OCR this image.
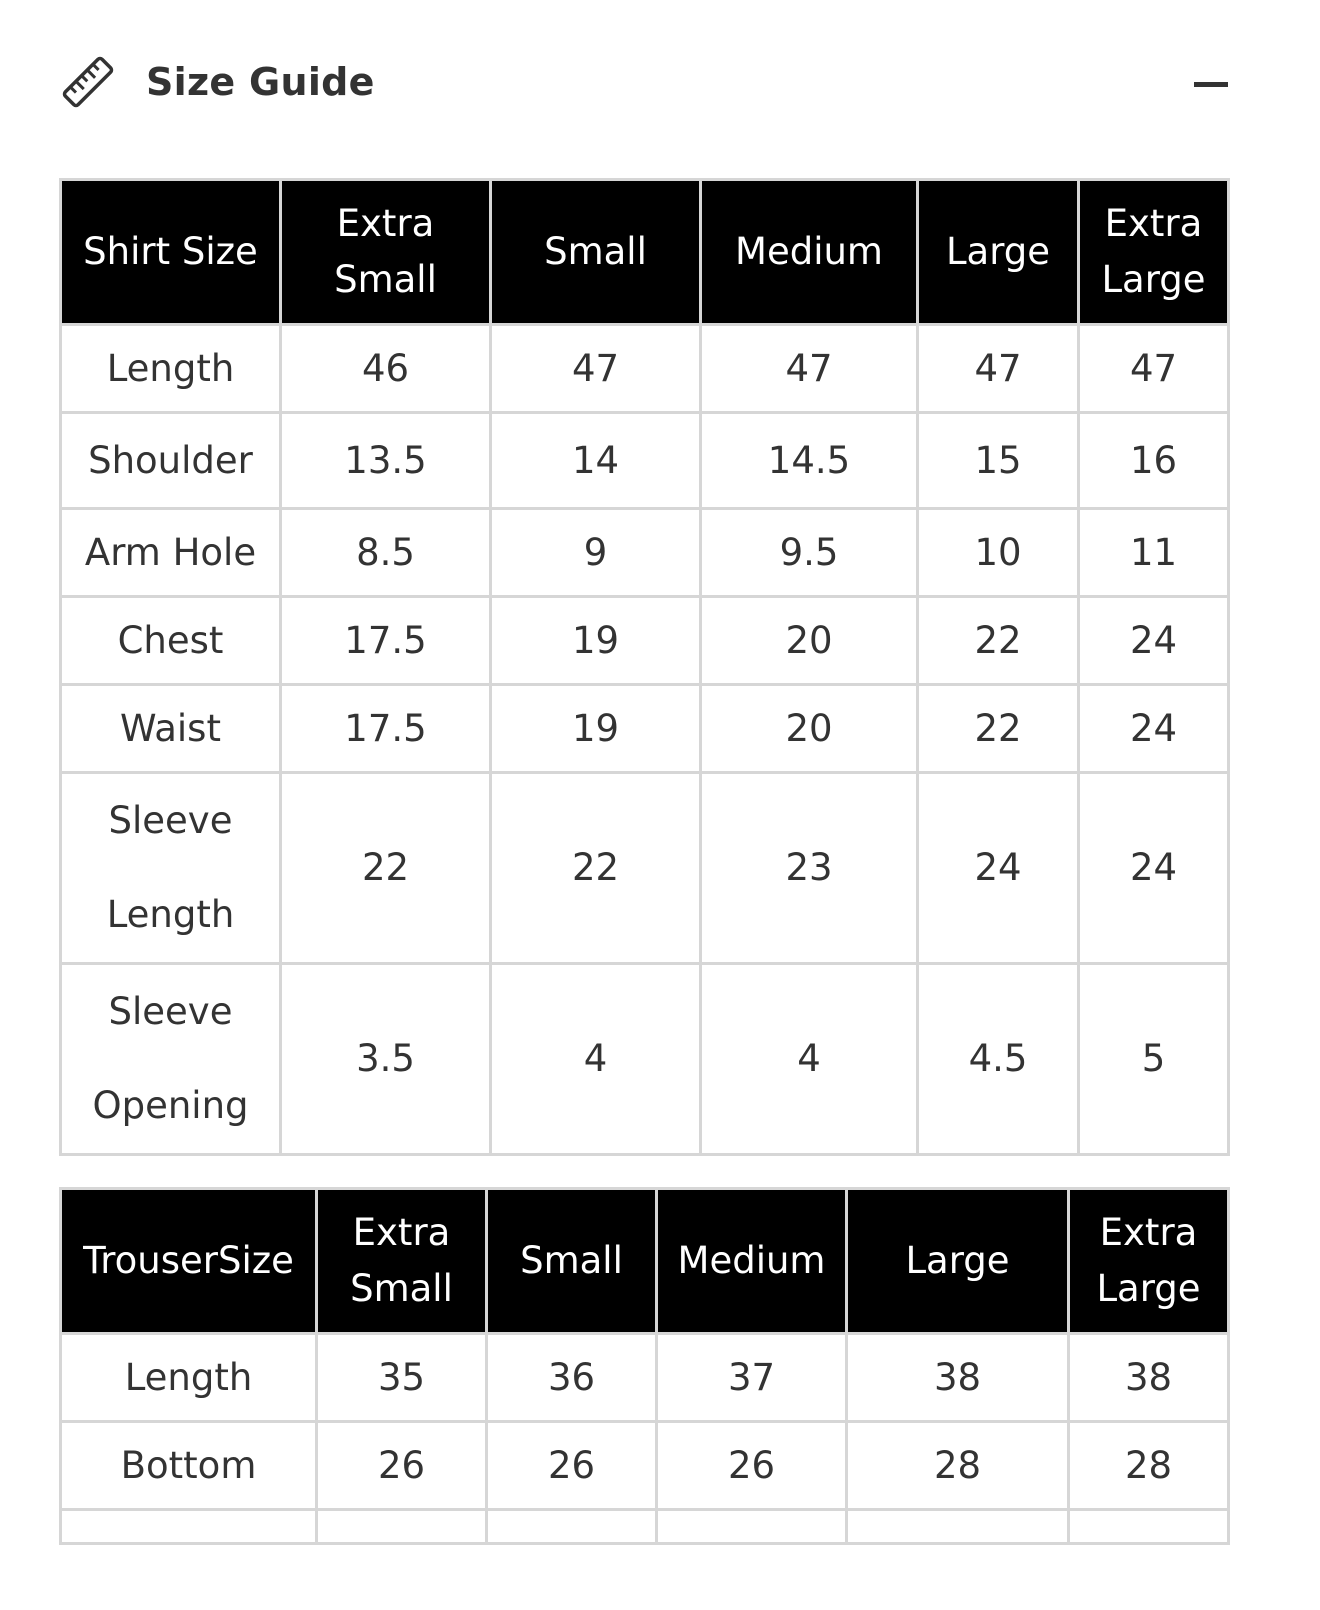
Size Guide
Shirt Size	Extra Small	Small	Medium	Large	Extra Large
Length	46	47	47	47	47
Shoulder	13.5	14	14.5	15	16
Arm Hole	8.5	9	9.5	10	11
Chest	17.5	19	20	22	24
Waist	17.5	19	20	22	24
Sleeve Length	22	22	23	24	24
Sleeve Opening	3.5	4	4	4.5	5
TrouserSize	Extra Small	Small	Medium	Large	Extra Large
Length	35	36	37	38	38
Bottom	26	26	26	28	28
